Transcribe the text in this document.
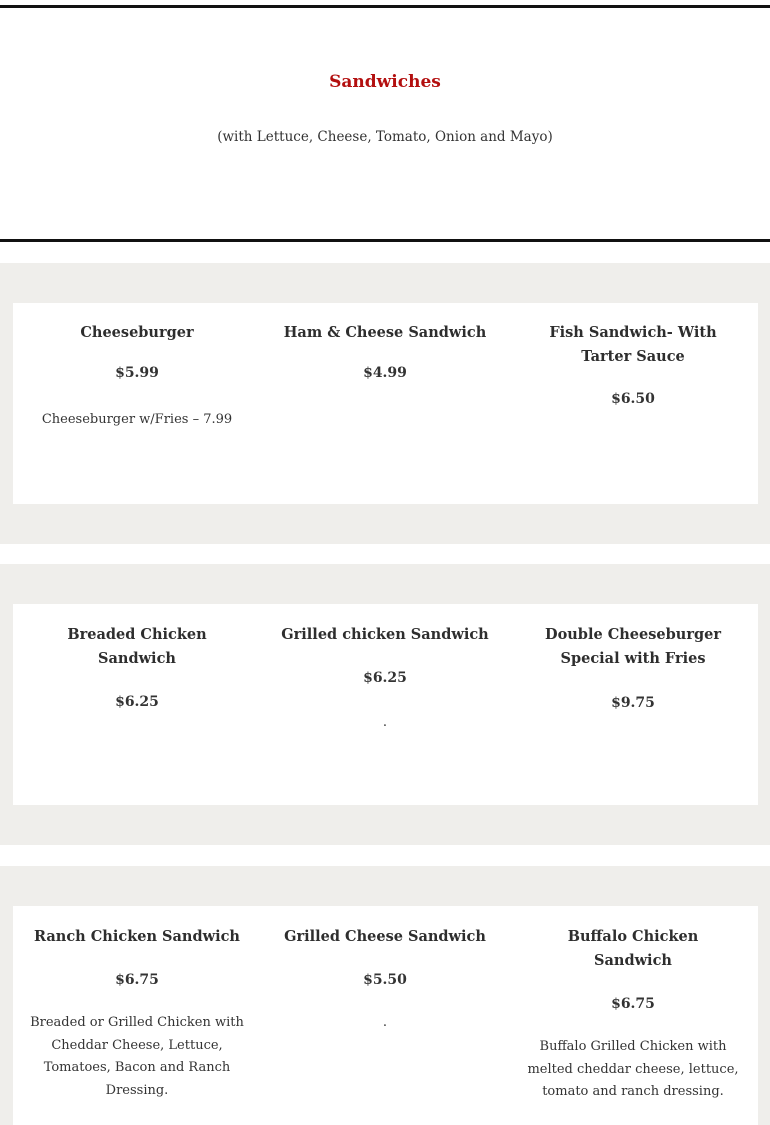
Sandwiches
(with Lettuce, Cheese, Tomato, Onion and Mayo)
Cheeseburger
$5.99
Cheeseburger w/Fries – 7.99
Ham & Cheese Sandwich
$4.99
Fish Sandwich- With Tarter Sauce
$6.50
Breaded Chicken Sandwich
$6.25
Grilled chicken Sandwich
$6.25
.
Double Cheeseburger Special with Fries
$9.75
Ranch Chicken Sandwich
$6.75
Breaded or Grilled Chicken with Cheddar Cheese, Lettuce, Tomatoes, Bacon and Ranch Dressing.
Grilled Cheese Sandwich
$5.50
.
Buffalo Chicken Sandwich
$6.75
Buffalo Grilled Chicken with melted cheddar cheese, lettuce, tomato and ranch dressing.
